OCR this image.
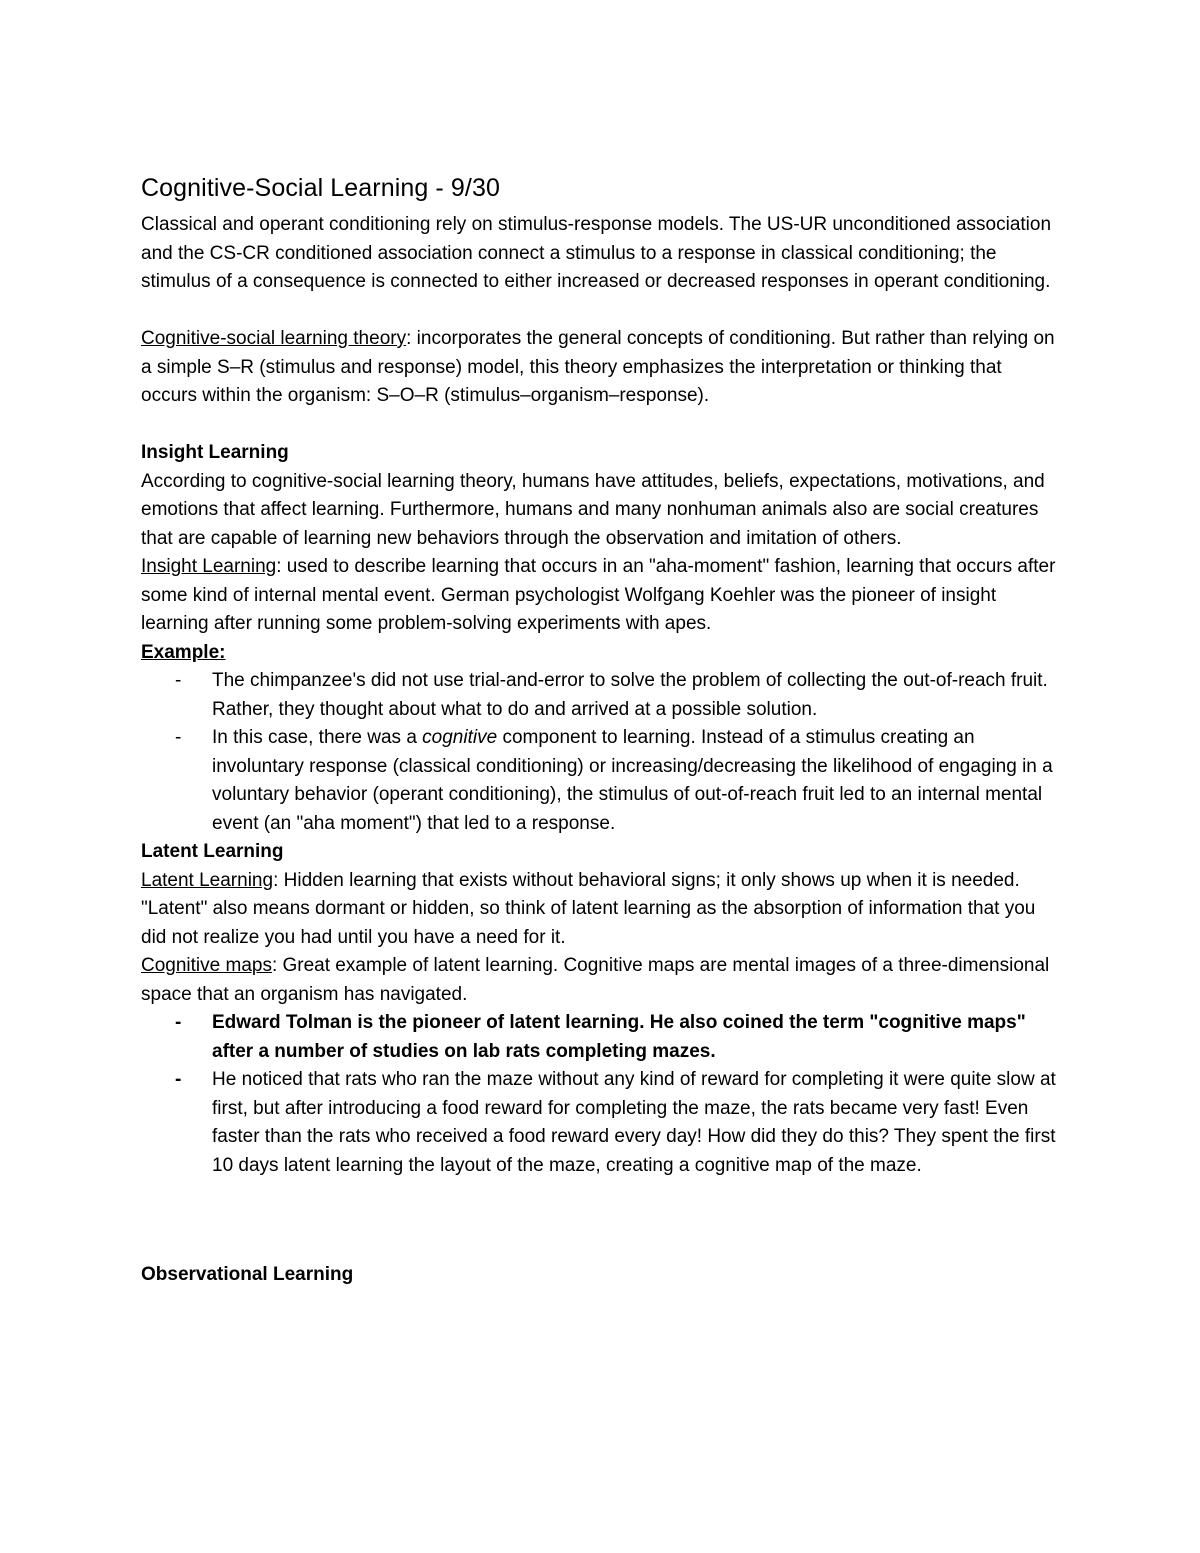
Cognitive-Social Learning - 9/30

Classical and operant conditioning rely on stimulus-response models. The US-UR unconditioned association and the CS-CR conditioned association connect a stimulus to a response in classical conditioning; the stimulus of a consequence is connected to either increased or decreased responses in operant conditioning.

Cognitive-social learning theory: incorporates the general concepts of conditioning. But rather than relying on a simple S–R (stimulus and response) model, this theory emphasizes the interpretation or thinking that occurs within the organism: S–O–R (stimulus–organism–response).

Insight Learning

According to cognitive-social learning theory, humans have attitudes, beliefs, expectations, motivations, and emotions that affect learning. Furthermore, humans and many nonhuman animals also are social creatures that are capable of learning new behaviors through the observation and imitation of others.

Insight Learning: used to describe learning that occurs in an "aha-moment" fashion, learning that occurs after some kind of internal mental event. German psychologist Wolfgang Koehler was the pioneer of insight learning after running some problem-solving experiments with apes.

Example:

- The chimpanzee's did not use trial-and-error to solve the problem of collecting the out-of-reach fruit. Rather, they thought about what to do and arrived at a possible solution.
- In this case, there was a cognitive component to learning. Instead of a stimulus creating an involuntary response (classical conditioning) or increasing/decreasing the likelihood of engaging in a voluntary behavior (operant conditioning), the stimulus of out-of-reach fruit led to an internal mental event (an "aha moment") that led to a response.

Latent Learning

Latent Learning: Hidden learning that exists without behavioral signs; it only shows up when it is needed. "Latent" also means dormant or hidden, so think of latent learning as the absorption of information that you did not realize you had until you have a need for it.

Cognitive maps: Great example of latent learning. Cognitive maps are mental images of a three-dimensional space that an organism has navigated.

- Edward Tolman is the pioneer of latent learning. He also coined the term "cognitive maps" after a number of studies on lab rats completing mazes.
- He noticed that rats who ran the maze without any kind of reward for completing it were quite slow at first, but after introducing a food reward for completing the maze, the rats became very fast! Even faster than the rats who received a food reward every day! How did they do this? They spent the first 10 days latent learning the layout of the maze, creating a cognitive map of the maze.

Observational Learning
